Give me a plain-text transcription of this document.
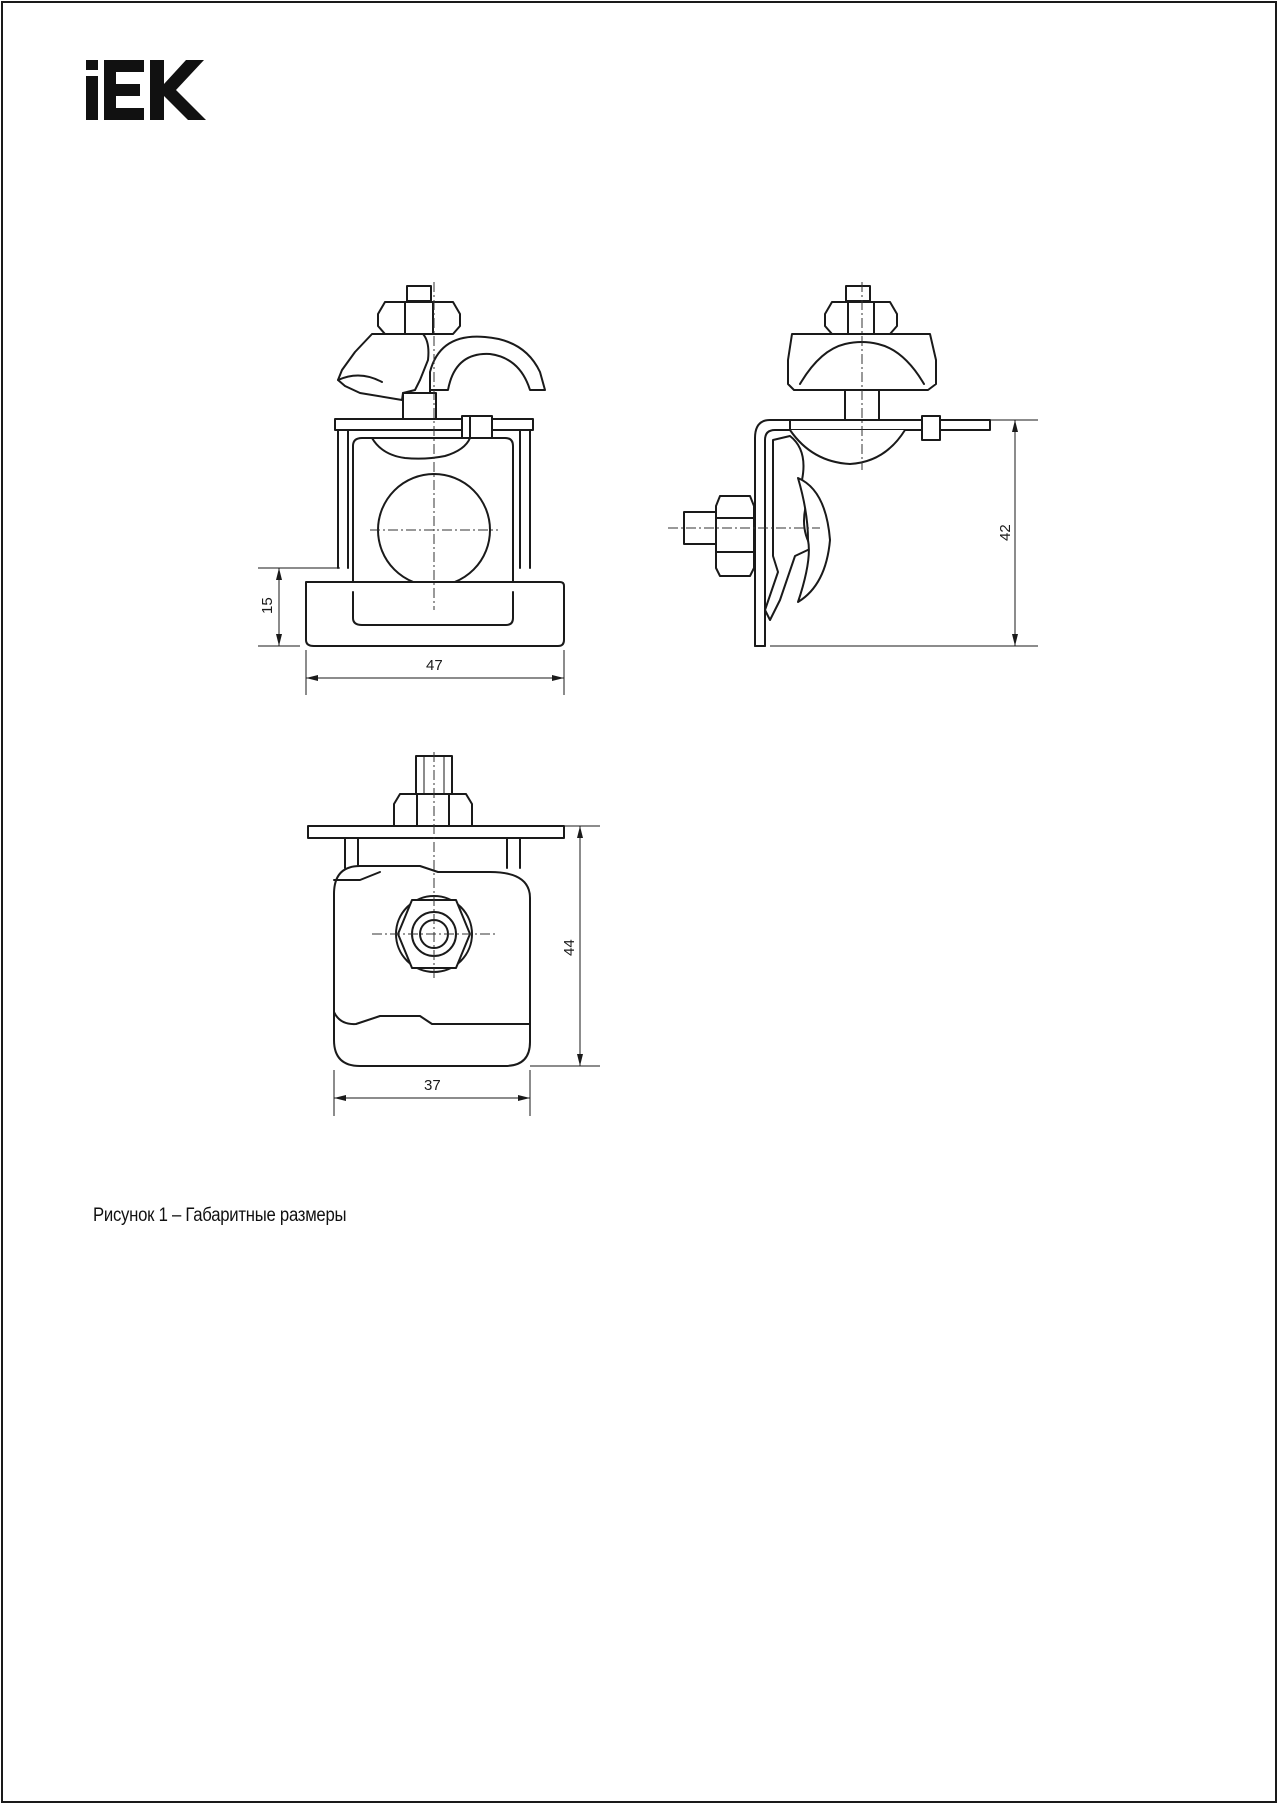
47
15
42
44
37
Рисунок 1 – Габаритные размеры
